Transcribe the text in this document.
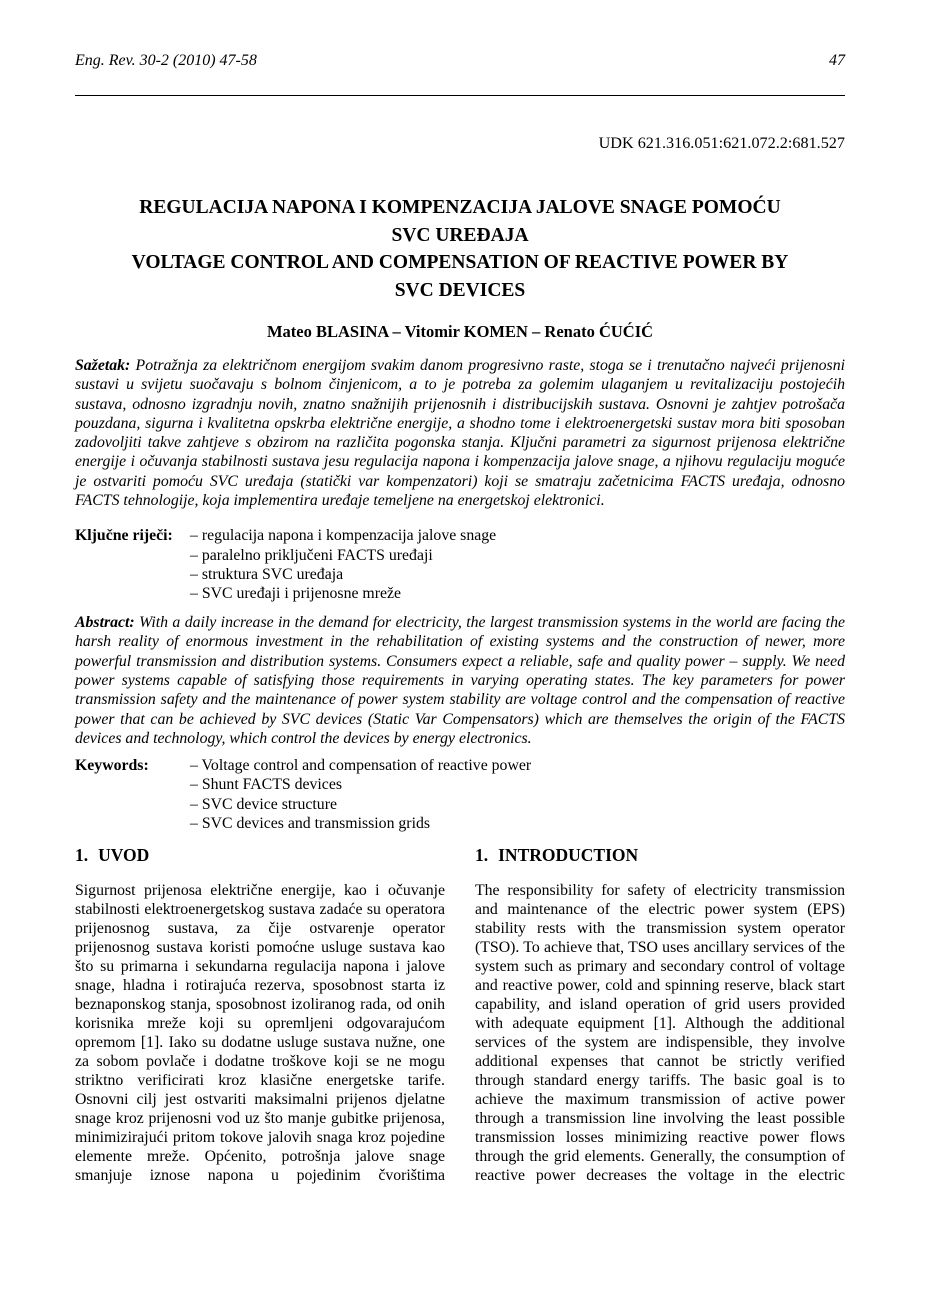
Eng. Rev. 30-2 (2010) 47-58	47
UDK 621.316.051:621.072.2:681.527
REGULACIJA NAPONA I KOMPENZACIJA JALOVE SNAGE POMOĆU
SVC UREĐAJA
VOLTAGE CONTROL AND COMPENSATION OF REACTIVE POWER BY
SVC DEVICES
Mateo BLASINA – Vitomir KOMEN – Renato ĆUĆIĆ

Sažetak: Potražnja za električnom energijom svakim danom progresivno raste, stoga se i trenutačno najveći prijenosni sustavi u svijetu suočavaju s bolnom činjenicom, a to je potreba za golemim ulaganjem u revitalizaciju postojećih sustava, odnosno izgradnju novih, znatno snažnijih prijenosnih i distribucijskih sustava. Osnovni je zahtjev potrošača pouzdana, sigurna i kvalitetna opskrba električne energije, a shodno tome i elektroenergetski sustav mora biti sposoban zadovoljiti takve zahtjeve s obzirom na različita pogonska stanja. Ključni parametri za sigurnost prijenosa električne energije i očuvanja stabilnosti sustava jesu regulacija napona i kompenzacija jalove snage, a njihovu regulaciju moguće je ostvariti pomoću SVC uređaja (statički var kompenzatori) koji se smatraju začetnicima FACTS uređaja, odnosno FACTS tehnologije, koja implementira uređaje temeljene na energetskoj elektronici.

Ključne riječi:	– regulacija napona i kompenzacija jalove snage
– paralelno priključeni FACTS uređaji
– struktura SVC uređaja
– SVC uređaji i prijenosne mreže

Abstract: With a daily increase in the demand for electricity, the largest transmission systems in the world are facing the harsh reality of enormous investment in the rehabilitation of existing systems and the construction of newer, more powerful transmission and distribution systems. Consumers expect a reliable, safe and quality power – supply. We need power systems capable of satisfying those requirements in varying operating states. The key parameters for power transmission safety and the maintenance of power system stability are voltage control and the compensation of reactive power that can be achieved by SVC devices (Static Var Compensators) which are themselves the origin of the FACTS devices and technology, which control the devices by energy electronics.

Keywords:	– Voltage control and compensation of reactive power
– Shunt FACTS devices
– SVC device structure
– SVC devices and transmission grids
1. UVOD

Sigurnost prijenosa električne energije, kao i očuvanje stabilnosti elektroenergetskog sustava zadaće su operatora prijenosnog sustava, za čije ostvarenje operator prijenosnog sustava koristi pomoćne usluge sustava kao što su primarna i sekundarna regulacija napona i jalove snage, hladna i rotirajuća rezerva, sposobnost starta iz beznaponskog stanja, sposobnost izoliranog rada, od onih korisnika mreže koji su opremljeni odgovarajućom opremom [1]. Iako su dodatne usluge sustava nužne, one za sobom povlače i dodatne troškove koji se ne mogu striktno verificirati kroz klasične energetske tarife. Osnovni cilj jest ostvariti maksimalni prijenos djelatne snage kroz prijenosni vod uz što manje gubitke prijenosa, minimizirajući pritom tokove jalovih snaga kroz pojedine elemente mreže. Općenito, potrošnja jalove snage smanjuje iznose napona u pojedinim čvorištima

1. INTRODUCTION

The responsibility for safety of electricity transmission and maintenance of the electric power system (EPS) stability rests with the transmission system operator (TSO). To achieve that, TSO uses ancillary services of the system such as primary and secondary control of voltage and reactive power, cold and spinning reserve, black start capability, and island operation of grid users provided with adequate equipment [1]. Although the additional services of the system are indispensible, they involve additional expenses that cannot be strictly verified through standard energy tariffs. The basic goal is to achieve the maximum transmission of active power through a transmission line involving the least possible transmission losses minimizing reactive power flows through the grid elements. Generally, the consumption of reactive power decreases the voltage in the electric
